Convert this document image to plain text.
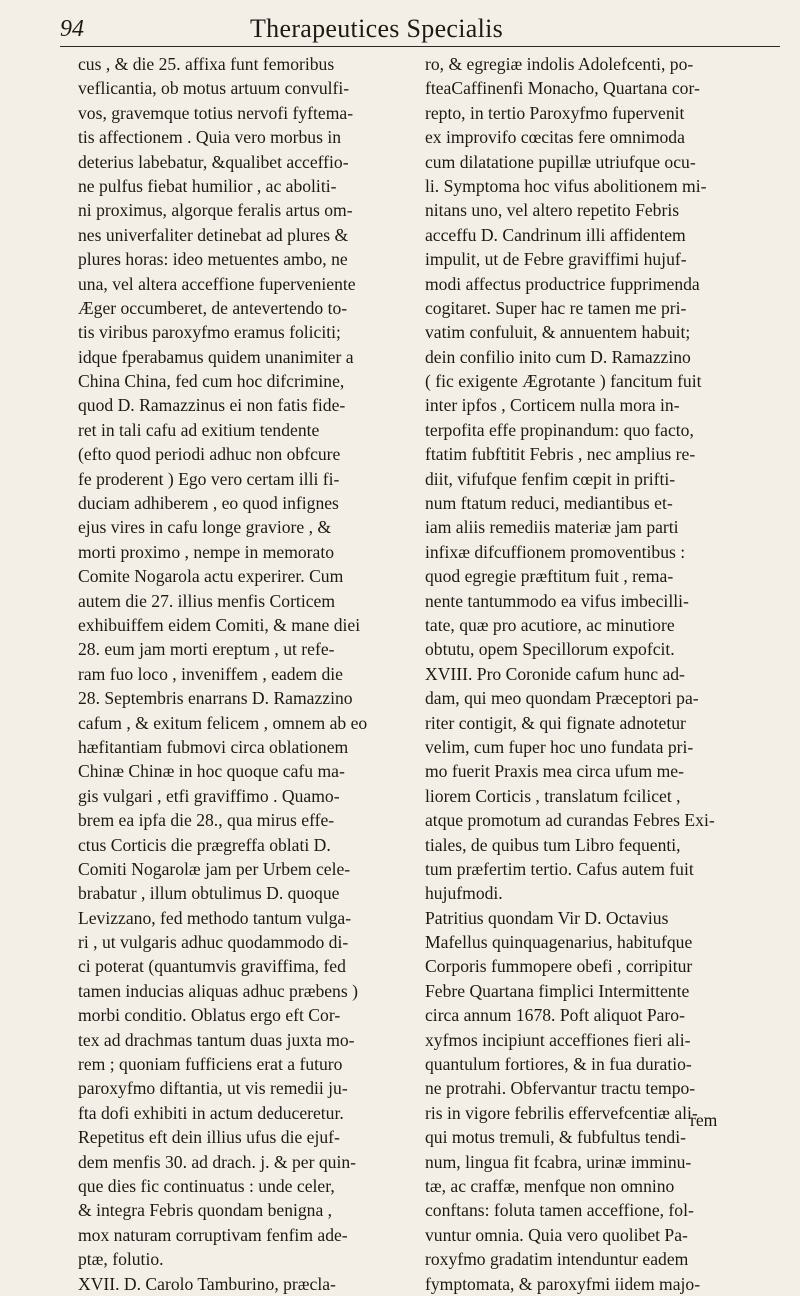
94	Therapeutices Specialis
cus , & die 25. affixa funt femoribus
veflicantia, ob motus artuum convulfi-
vos, gravemque totius nervofi fyftema-
tis affectionem . Quia vero morbus in
deterius labebatur, &qualibet acceffio-
ne pulfus fiebat humilior , ac aboliti-
ni proximus, algorque feralis artus om-
nes univerfaliter detinebat ad plures &
plures horas: ideo metuentes ambo, ne
una, vel altera acceffione fuperveniente
Æger occumberet, de antevertendo to-
tis viribus paroxyfmo eramus foliciti;
idque fperabamus quidem unanimiter a
China China, fed cum hoc difcrimine,
quod D. Ramazzinus ei non fatis fide-
ret in tali cafu ad exitium tendente
(efto quod periodi adhuc non obfcure
fe proderent ) Ego vero certam illi fi-
duciam adhiberem , eo quod infignes
ejus vires in cafu longe graviore , &
morti proximo , nempe in memorato
Comite Nogarola actu experirer. Cum
autem die 27. illius menfis Corticem
exhibuiffem eidem Comiti, & mane diei
28. eum jam morti ereptum , ut refe-
ram fuo loco , inveniffem , eadem die
28. Septembris enarrans D. Ramazzino
cafum , & exitum felicem , omnem ab eo
hæfitantiam fubmovi circa oblationem
Chinæ Chinæ in hoc quoque cafu ma-
gis vulgari , etfi graviffimo . Quamo-
brem ea ipfa die 28., qua mirus effe-
ctus Corticis die prægreffa oblati D.
Comiti Nogarolæ jam per Urbem cele-
brabatur , illum obtulimus D. quoque
Levizzano, fed methodo tantum vulga-
ri , ut vulgaris adhuc quodammodo di-
ci poterat (quantumvis graviffima, fed
tamen inducias aliquas adhuc præbens )
morbi conditio. Oblatus ergo eft Cor-
tex ad drachmas tantum duas juxta mo-
rem ; quoniam fufficiens erat a futuro
paroxyfmo diftantia, ut vis remedii ju-
fta dofi exhibiti in actum deduceretur.
Repetitus eft dein illius ufus die ejuf-
dem menfis 30. ad drach. j. & per quin-
que dies fic continuatus : unde celer,
& integra Febris quondam benigna ,
mox naturam corruptivam fenfim ade-
ptæ, folutio.
XVII. D. Carolo Tamburino, præcla-
ro, & egregiæ indolis Adolefcenti, po-
fteaCaffinenfi Monacho, Quartana cor-
repto, in tertio Paroxyfmo fupervenit
ex improvifo cœcitas fere omnimoda
cum dilatatione pupillæ utriufque ocu-
li. Symptoma hoc vifus abolitionem mi-
nitans uno, vel altero repetito Febris
acceffu D. Candrinum illi affidentem
impulit, ut de Febre graviffimi hujuf-
modi affectus productrice fupprimenda
cogitaret. Super hac re tamen me pri-
vatim confuluit, & annuentem habuit;
dein confilio inito cum D. Ramazzino
( fic exigente Ægrotante ) fancitum fuit
inter ipfos , Corticem nulla mora in-
terpofita effe propinandum: quo facto,
ftatim fubftitit Febris , nec amplius re-
diit, vifufque fenfim cœpit in prifti-
num ftatum reduci, mediantibus et-
iam aliis remediis materiæ jam parti
infixæ difcuffionem promoventibus :
quod egregie præftitum fuit , rema-
nente tantummodo ea vifus imbecilli-
tate, quæ pro acutiore, ac minutiore
obtutu, opem Specillorum expofcit.
XVIII. Pro Coronide cafum hunc ad-
dam, qui meo quondam Præceptori pa-
riter contigit, & qui fignate adnotetur
velim, cum fuper hoc uno fundata pri-
mo fuerit Praxis mea circa ufum me-
liorem Corticis , translatum fcilicet ,
atque promotum ad curandas Febres Exi-
tiales, de quibus tum Libro fequenti,
tum præfertim tertio. Cafus autem fuit
hujufmodi.
Patritius quondam Vir D. Octavius
Mafellus quinquagenarius, habitufque
Corporis fummopere obefi , corripitur
Febre Quartana fimplici Intermittente
circa annum 1678. Poft aliquot Paro-
xyfmos incipiunt acceffiones fieri ali-
quantulum fortiores, & in fua duratio-
ne protrahi. Obfervantur tractu tempo-
ris in vigore febrilis effervefcentiæ ali-
qui motus tremuli, & fubfultus tendi-
num, lingua fit fcabra, urinæ imminu-
tæ, ac craffæ, menfque non omnino
conftans: foluta tamen acceffione, fol-
vuntur omnia. Quia vero quolibet Pa-
roxyfmo gradatim intenduntur eadem
fymptomata, & paroxyfmi iidem majo-
rem
